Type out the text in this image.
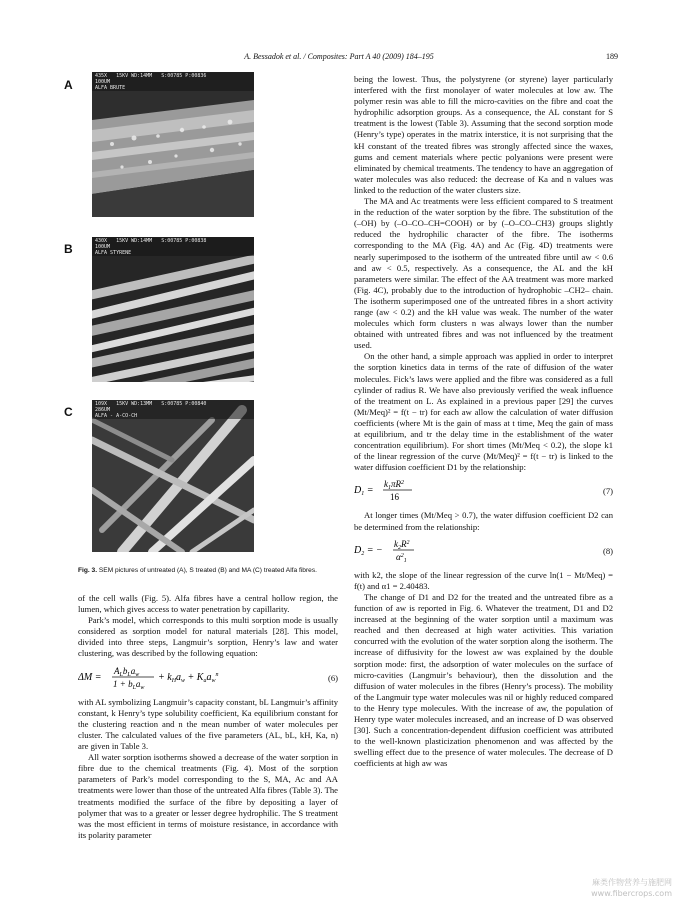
A. Bessadok et al. / Composites: Part A 40 (2009) 184–195	189
435X   15KV WD:14MM   S:00785 P:00836
100UM
ALFA BRUTE
A
430X   15KV WD:14MM   S:00785 P:00838
100UM
ALFA STYRENE
B
109X   15KV WD:13MM   S:00785 P:00840
286UM
ALFA - A-CO-CH
C
Fig. 3. SEM pictures of untreated (A), S treated (B) and MA (C) treated Alfa fibres.

of the cell walls (Fig. 5). Alfa fibres have a central hollow region, the lumen, which gives access to water penetration by capillarity.

Park’s model, which corresponds to this multi sorption mode is usually considered as sorption model for natural materials [28]. This model, divided into three steps, Langmuir’s sorption, Henry’s law and water clustering, was described by the following equation:

ΔM =
$A_Lb_La_w$
$1 + b_La_w$
+ $k_Ha_w + K_aa_w^n$	(6)

with AL symbolizing Langmuir’s capacity constant, bL Langmuir’s affinity constant, k Henry’s type solubility coefficient, Ka equilibrium constant for the clustering reaction and n the mean number of water molecules per cluster. The calculated values of the five parameters (AL, bL, kH, Ka, n) are given in Table 3.

All water sorption isotherms showed a decrease of the water sorption in fibre due to the chemical treatments (Fig. 4). Most of the sorption parameters of Park’s model corresponding to the S, MA, Ac and AA treatments were lower than those of the untreated Alfa fibres (Table 3). The treatments modified the surface of the fibre by depositing a layer of polymer that was to a greater or lesser degree hydrophilic. The S treatment was the most efficient in terms of moisture resistance, in accordance with its polarity parameter

being the lowest. Thus, the polystyrene (or styrene) layer particularly interfered with the first monolayer of water molecules at low aw. The polymer resin was able to fill the micro-cavities on the fibre and coat the hydrophilic adsorption groups. As a consequence, the AL constant for S treatment is the lowest (Table 3). Assuming that the second sorption mode (Henry’s type) operates in the matrix interstice, it is not surprising that the kH constant of the treated fibres was strongly affected since the waxes, gums and cement materials where pectic polyanions were present were eliminated by chemical treatments. The tendency to have an aggregation of water molecules was also reduced: the decrease of Ka and n values was linked to the reduction of the water clusters size.

The MA and Ac treatments were less efficient compared to S treatment in the reduction of the water sorption by the fibre. The substitution of the (–OH) by (–O–CO–CH=COOH) or by (–O–CO–CH3) groups slightly reduced the hydrophilic character of the fibre. The isotherms corresponding to the MA (Fig. 4A) and Ac (Fig. 4D) treatments were nearly superimposed to the isotherm of the untreated fibre until aw < 0.6 and aw < 0.5, respectively. As a consequence, the AL and the kH parameters were similar. The effect of the AA treatment was more marked (Fig. 4C), probably due to the introduction of hydrophobic –CH2– chain. The isotherm superimposed one of the untreated fibres in a short activity range (aw < 0.2) and the kH value was weak. The number of the water molecules which form clusters n was always lower than the number obtained with untreated fibres and was not influenced by the treatment used.

On the other hand, a simple approach was applied in order to interpret the sorption kinetics data in terms of the rate of diffusion of the water molecules. Fick’s laws were applied and the fibre was considered as a full cylinder of radius R. We have also previously verified the weak influence of the treatment on L. As explained in a previous paper [29] the curves (Mt/Meq)² = f(t − tr) for each aw allow the calculation of water diffusion coefficients (where Mt is the gain of mass at t time, Meq the gain of mass at equilibrium, and tr the delay time in the establishment of the water concentration equilibrium). For short times (Mt/Meq < 0.2), the slope k1 of the linear regression of the curve (Mt/Meq)² = f(t − tr) is linked to the water diffusion coefficient D1 by the relationship:

$D_1$ =
$k_1\pi R^2$
16
(7)

At longer times (Mt/Meq > 0.7), the water diffusion coefficient D2 can be determined from the relationship:

$D_2$ = −
$k_2R^2$
$\alpha^2_1$
(8)

with k2, the slope of the linear regression of the curve ln(1 − Mt/Meq) = f(t) and α1 = 2.40483.

The change of D1 and D2 for the treated and the untreated fibre as a function of aw is reported in Fig. 6. Whatever the treatment, D1 and D2 increased at the beginning of the water sorption until a maximum was reached and then decreased at high water activities. This variation concurred with the evolution of the water sorption along the isotherm. The increase of diffusivity for the lowest aw was explained by the double sorption mode: first, the adsorption of water molecules on the surface of micro-cavities (Langmuir’s behaviour), then the dissolution and the diffusion of water molecules in the fibres (Henry’s process). The mobility of the Langmuir type water molecules was nil or highly reduced compared to the Henry type molecules. With the increase of aw, the population of Henry type water molecules increased, and an increase of D was observed [30]. Such a concentration-dependent diffusion coefficient was attributed to the well-known plasticization phenomenon and was affected by the swelling effect due to the presence of water molecules. The decrease of D coefficients at high aw was

麻类作物营养与施肥网
www.fibercrops.com
